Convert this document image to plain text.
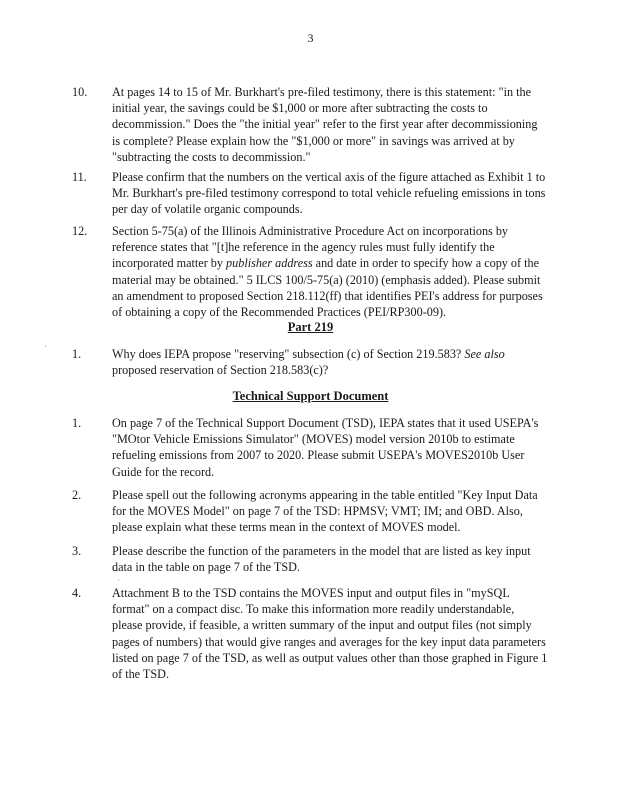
3
10.	At pages 14 to 15 of Mr. Burkhart's pre-filed testimony, there is this statement: "in the
initial year, the savings could be $1,000 or more after subtracting the costs to
decommission." Does the "the initial year" refer to the first year after decommissioning
is complete? Please explain how the "$1,000 or more" in savings was arrived at by
"subtracting the costs to decommission."
11.	Please confirm that the numbers on the vertical axis of the figure attached as Exhibit 1 to
Mr. Burkhart's pre-filed testimony correspond to total vehicle refueling emissions in tons
per day of volatile organic compounds.
12.	Section 5-75(a) of the Illinois Administrative Procedure Act on incorporations by
reference states that "[t]he reference in the agency rules must fully identify the
incorporated matter by publisher address and date in order to specify how a copy of the
material may be obtained." 5 ILCS 100/5-75(a) (2010) (emphasis added). Please submit
an amendment to proposed Section 218.112(ff) that identifies PEI's address for purposes
of obtaining a copy of the Recommended Practices (PEI/RP300-09).
Part 219
·
1.	Why does IEPA propose "reserving" subsection (c) of Section 219.583? See also
proposed reservation of Section 218.583(c)?
Technical Support Document
1.	On page 7 of the Technical Support Document (TSD), IEPA states that it used USEPA's
"MOtor Vehicle Emissions Simulator" (MOVES) model version 2010b to estimate
refueling emissions from 2007 to 2020. Please submit USEPA's MOVES2010b User
Guide for the record.
2.	Please spell out the following acronyms appearing in the table entitled "Key Input Data
for the MOVES Model" on page 7 of the TSD: HPMSV; VMT; IM; and OBD. Also,
please explain what these terms mean in the context of MOVES model.
3.	Please describe the function of the parameters in the model that are listed as key input
data in the table on page 7 of the TSD.
ˈ
4.	Attachment B to the TSD contains the MOVES input and output files in "mySQL
format" on a compact disc. To make this information more readily understandable,
please provide, if feasible, a written summary of the input and output files (not simply
pages of numbers) that would give ranges and averages for the key input data parameters
listed on page 7 of the TSD, as well as output values other than those graphed in Figure 1
of the TSD.
